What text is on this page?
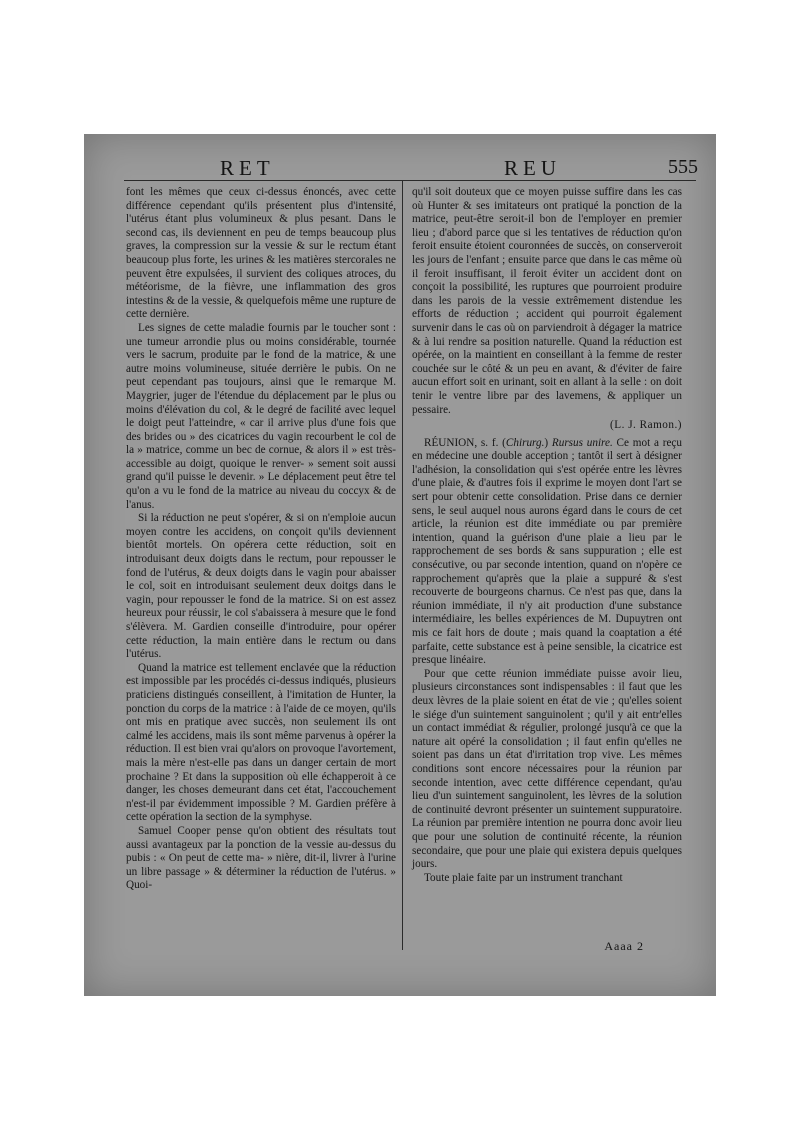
RET	REU	555

font les mêmes que ceux ci-dessus énoncés, avec cette différence cependant qu'ils présentent plus d'intensité, l'utérus étant plus volumineux & plus pesant. Dans le second cas, ils deviennent en peu de temps beaucoup plus graves, la compression sur la vessie & sur le rectum étant beaucoup plus forte, les urines & les matières stercorales ne peuvent être expulsées, il survient des coliques atroces, du météorisme, de la fièvre, une inflammation des gros intestins & de la vessie, & quelquefois même une rupture de cette dernière.

Les signes de cette maladie fournis par le toucher sont : une tumeur arrondie plus ou moins considérable, tournée vers le sacrum, produite par le fond de la matrice, & une autre moins volumineuse, située derrière le pubis. On ne peut cependant pas toujours, ainsi que le remarque M. Maygrier, juger de l'étendue du déplacement par le plus ou moins d'élévation du col, & le degré de facilité avec lequel le doigt peut l'atteindre, « car il arrive plus d'une fois que des brides ou » des cicatrices du vagin recourbent le col de la » matrice, comme un bec de cornue, & alors il » est très-accessible au doigt, quoique le renver- » sement soit aussi grand qu'il puisse le devenir. » Le déplacement peut être tel qu'on a vu le fond de la matrice au niveau du coccyx & de l'anus.

Si la réduction ne peut s'opérer, & si on n'emploie aucun moyen contre les accidens, on conçoit qu'ils deviennent bientôt mortels. On opérera cette réduction, soit en introduisant deux doigts dans le rectum, pour repousser le fond de l'utérus, & deux doigts dans le vagin pour abaisser le col, soit en introduisant seulement deux doitgs dans le vagin, pour repousser le fond de la matrice. Si on est assez heureux pour réussir, le col s'abaissera à mesure que le fond s'élèvera. M. Gardien conseille d'introduire, pour opérer cette réduction, la main entière dans le rectum ou dans l'utérus.

Quand la matrice est tellement enclavée que la réduction est impossible par les procédés ci-dessus indiqués, plusieurs praticiens distingués conseillent, à l'imitation de Hunter, la ponction du corps de la matrice : à l'aide de ce moyen, qu'ils ont mis en pratique avec succès, non seulement ils ont calmé les accidens, mais ils sont même parvenus à opérer la réduction. Il est bien vrai qu'alors on provoque l'avortement, mais la mère n'est-elle pas dans un danger certain de mort prochaine ? Et dans la supposition où elle échapperoit à ce danger, les choses demeurant dans cet état, l'accouchement n'est-il par évidemment impossible ? M. Gardien préfère à cette opération la section de la symphyse.

Samuel Cooper pense qu'on obtient des résultats tout aussi avantageux par la ponction de la vessie au-dessus du pubis : « On peut de cette ma- » nière, dit-il, livrer à l'urine un libre passage » & déterminer la réduction de l'utérus. » Quoi-

qu'il soit douteux que ce moyen puisse suffire dans les cas où Hunter & ses imitateurs ont pratiqué la ponction de la matrice, peut-être seroit-il bon de l'employer en premier lieu ; d'abord parce que si les tentatives de réduction qu'on feroit ensuite étoient couronnées de succès, on conserveroit les jours de l'enfant ; ensuite parce que dans le cas même où il feroit insuffisant, il feroit éviter un accident dont on conçoit la possibilité, les ruptures que pourroient produire dans les parois de la vessie extrêmement distendue les efforts de réduction ; accident qui pourroit également survenir dans le cas où on parviendroit à dégager la matrice & à lui rendre sa position naturelle. Quand la réduction est opérée, on la maintient en conseillant à la femme de rester couchée sur le côté & un peu en avant, & d'éviter de faire aucun effort soit en urinant, soit en allant à la selle : on doit tenir le ventre libre par des lavemens, & appliquer un pessaire.

(L. J. Ramon.)

RÉUNION, s. f. (Chirurg.) Rursus unire. Ce mot a reçu en médecine une double acception ; tantôt il sert à désigner l'adhésion, la consolidation qui s'est opérée entre les lèvres d'une plaie, & d'autres fois il exprime le moyen dont l'art se sert pour obtenir cette consolidation. Prise dans ce dernier sens, le seul auquel nous aurons égard dans le cours de cet article, la réunion est dite immédiate ou par première intention, quand la guérison d'une plaie a lieu par le rapprochement de ses bords & sans suppuration ; elle est consécutive, ou par seconde intention, quand on n'opère ce rapprochement qu'après que la plaie a suppuré & s'est recouverte de bourgeons charnus. Ce n'est pas que, dans la réunion immédiate, il n'y ait production d'une substance intermédiaire, les belles expériences de M. Dupuytren ont mis ce fait hors de doute ; mais quand la coaptation a été parfaite, cette substance est à peine sensible, la cicatrice est presque linéaire.

Pour que cette réunion immédiate puisse avoir lieu, plusieurs circonstances sont indispensables : il faut que les deux lèvres de la plaie soient en état de vie ; qu'elles soient le siége d'un suintement sanguinolent ; qu'il y ait entr'elles un contact immédiat & régulier, prolongé jusqu'à ce que la nature ait opéré la consolidation ; il faut enfin qu'elles ne soient pas dans un état d'irritation trop vive. Les mêmes conditions sont encore nécessaires pour la réunion par seconde intention, avec cette différence cependant, qu'au lieu d'un suintement sanguinolent, les lèvres de la solution de continuité devront présenter un suintement suppuratoire. La réunion par première intention ne pourra donc avoir lieu que pour une solution de continuité récente, la réunion secondaire, que pour une plaie qui existera depuis quelques jours.

Toute plaie faite par un instrument tranchant

Aaaa 2
